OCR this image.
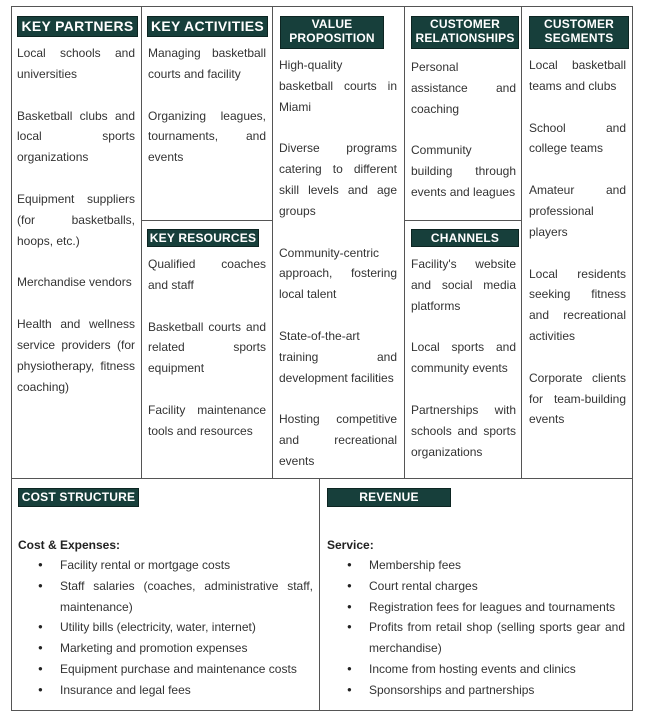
KEY PARTNERS

Local schools and universities

Basketball clubs and local sports organizations

Equipment suppliers (for basketballs, hoops, etc.)

Merchandise vendors

Health and wellness service providers (for physiotherapy, fitness coaching)

KEY ACTIVITIES

Managing basketball courts and facility

Organizing leagues, tournaments, and events

KEY RESOURCES

Qualified coaches and staff

Basketball courts and related sports equipment

Facility maintenance tools and resources

VALUE
PROPOSITION

High-quality basketball courts in Miami

Diverse programs catering to different skill levels and age groups

Community-centric approach, fostering local talent

State-of-the-art training and development facilities

Hosting competitive and recreational events

CUSTOMER
RELATIONSHIPS

Personal assistance and coaching

Community building through events and leagues

CHANNELS

Facility's website and social media platforms

Local sports and community events

Partnerships with schools and sports organizations

CUSTOMER
SEGMENTS

Local basketball teams and clubs

School and college teams

Amateur and professional players

Local residents seeking fitness and recreational activities

Corporate clients for team-building events

COST STRUCTURE
Cost & Expenses:
● Facility rental or mortgage costs
● Staff salaries (coaches, administrative staff, maintenance)
● Utility bills (electricity, water, internet)
● Marketing and promotion expenses
● Equipment purchase and maintenance costs
● Insurance and legal fees
REVENUE
Service:
● Membership fees
● Court rental charges
● Registration fees for leagues and tournaments
● Profits from retail shop (selling sports gear and merchandise)
● Income from hosting events and clinics
● Sponsorships and partnerships
